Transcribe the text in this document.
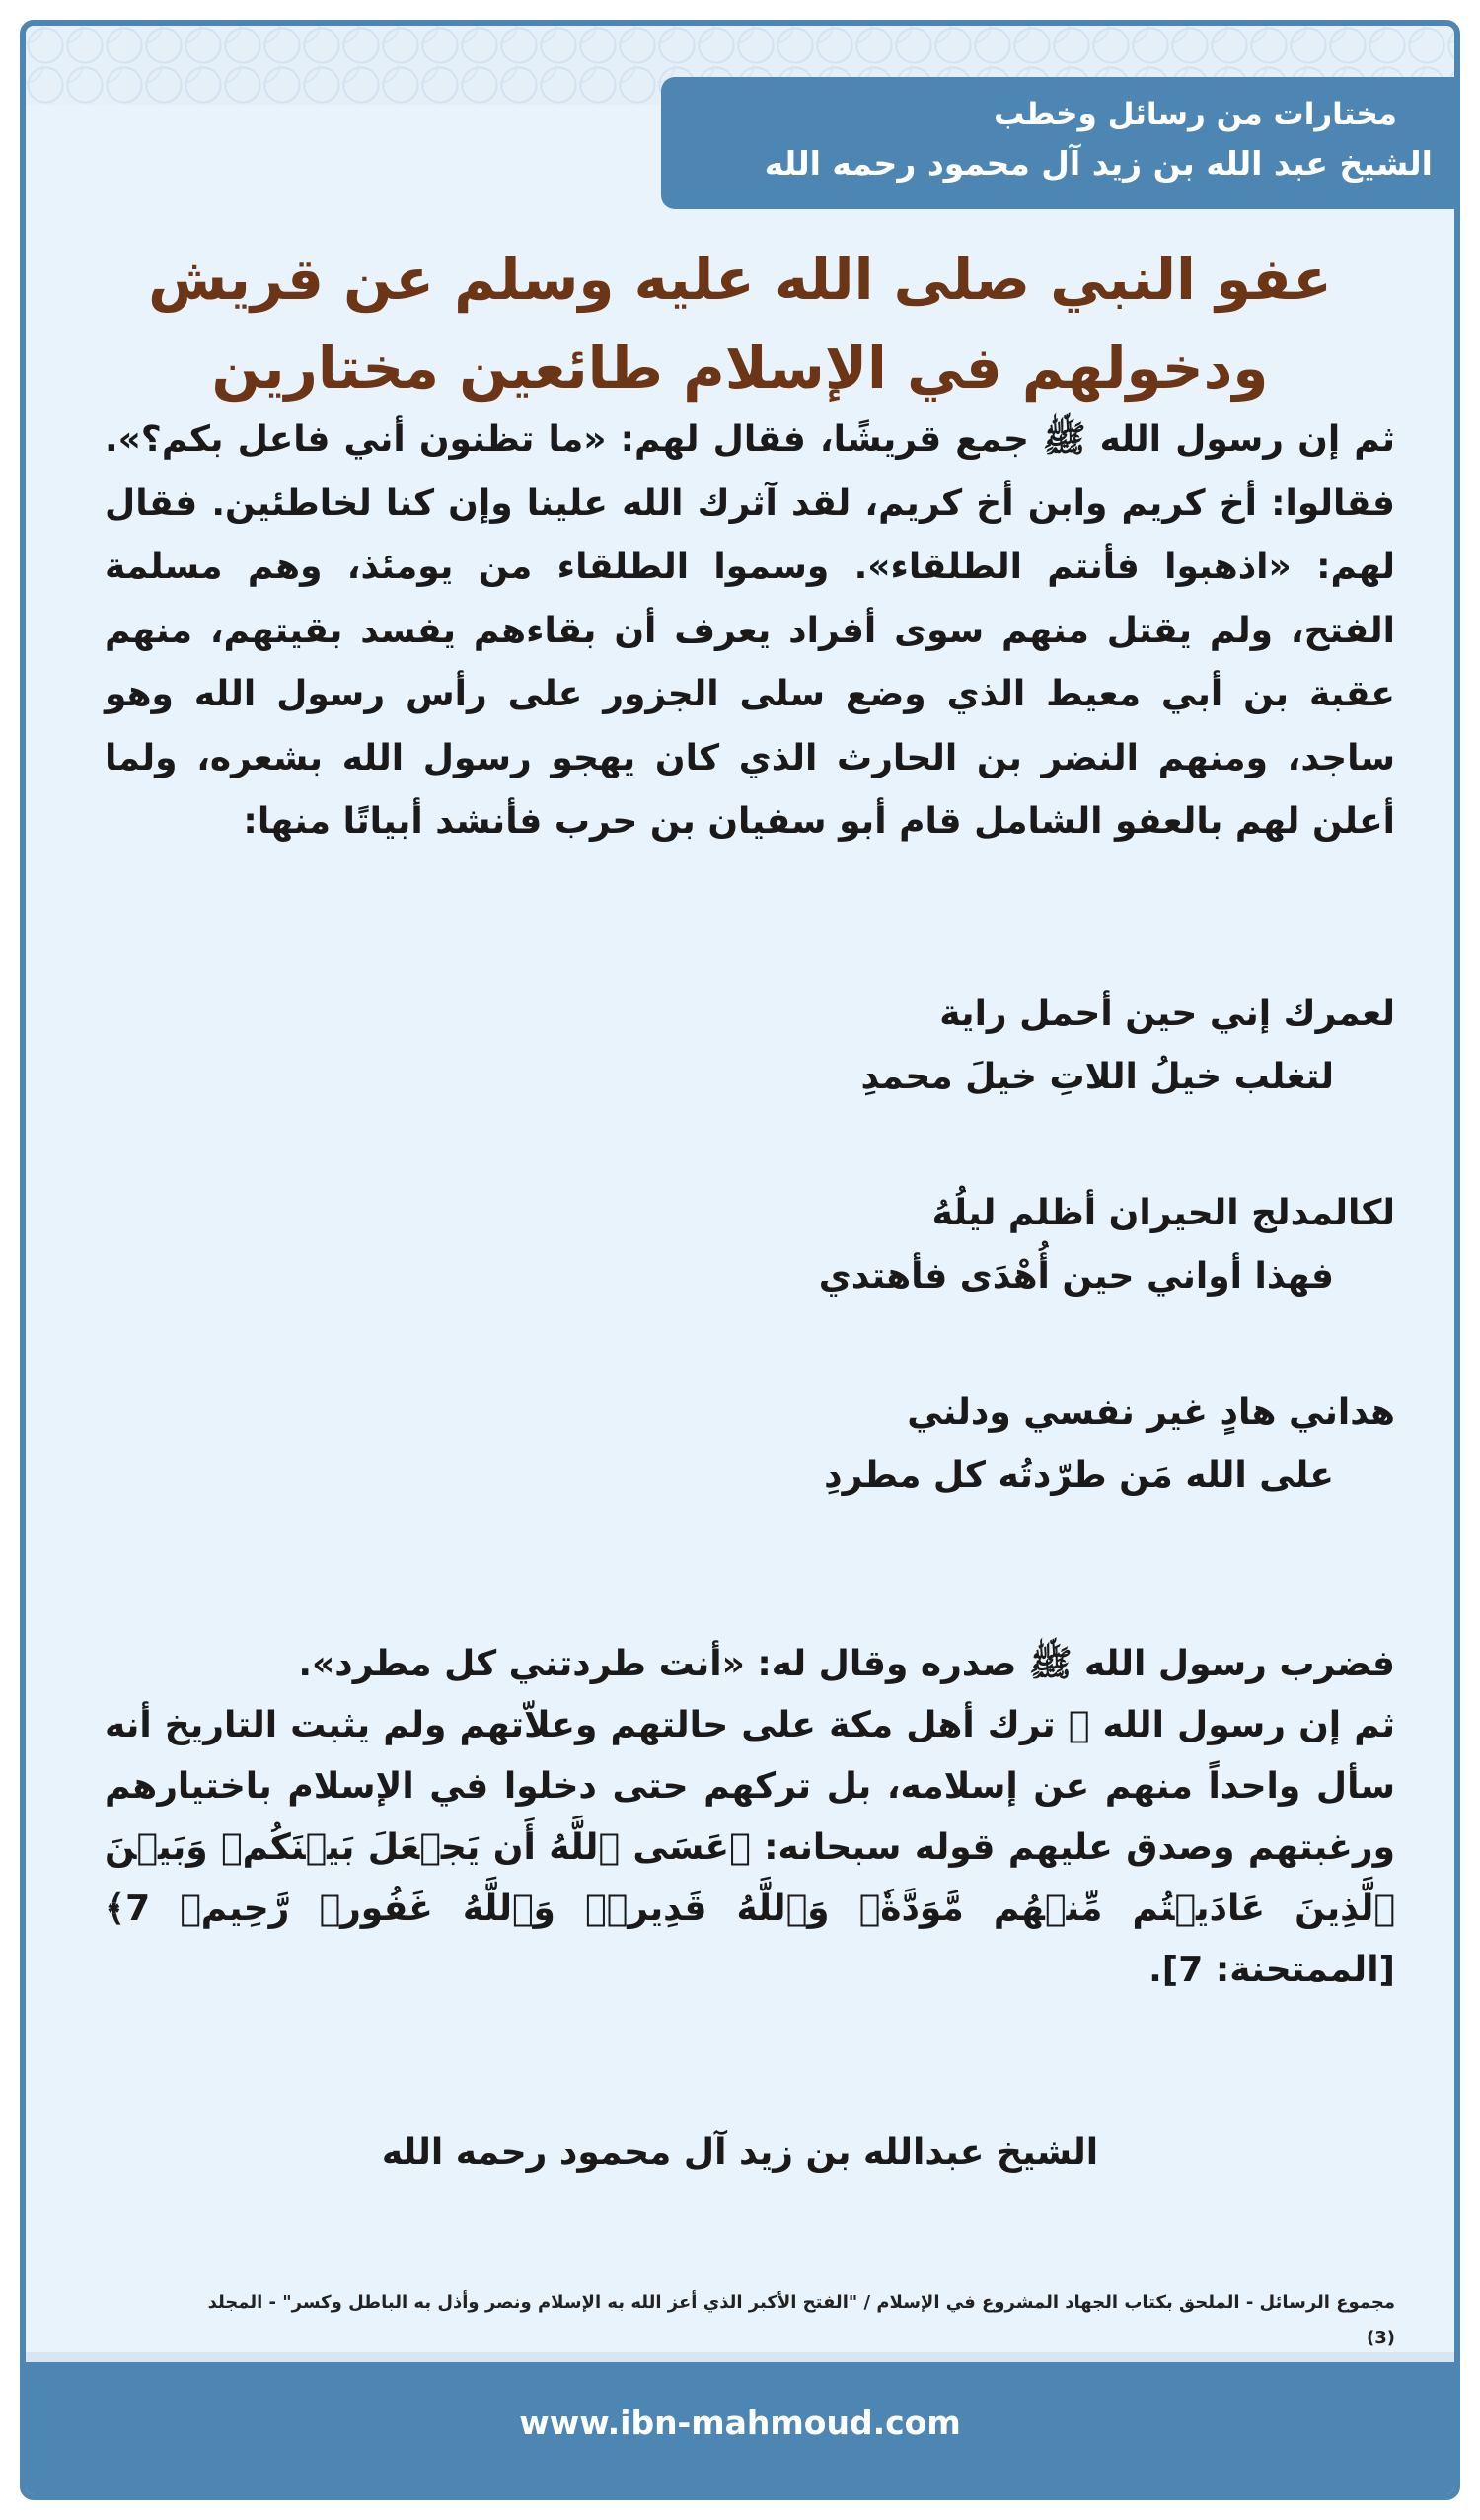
مختارات من رسائل وخطب
الشيخ عبد الله بن زيد آل محمود رحمه الله
عفو النبي صلى الله عليه وسلم عن قريش
ودخولهم في الإسلام طائعين مختارين

ثم إن رسول الله ﷺ جمع قريشًا، فقال لهم: «ما تظنون أني فاعل بكم؟». فقالوا: أخ كريم وابن أخ كريم، لقد آثرك الله علينا وإن كنا لخاطئين. فقال لهم: «اذهبوا فأنتم الطلقاء». وسموا الطلقاء من يومئذ، وهم مسلمة الفتح، ولم يقتل منهم سوى أفراد يعرف أن بقاءهم يفسد بقيتهم، منهم عقبة بن أبي معيط الذي وضع سلى الجزور على رأس رسول الله وهو ساجد، ومنهم النضر بن الحارث الذي كان يهجو رسول الله بشعره، ولما أعلن لهم بالعفو الشامل قام أبو سفيان بن حرب فأنشد أبياتًا منها:

لعمرك إني حين أحمل راية
لتغلب خيلُ اللاتِ خيلَ محمدِ
لكالمدلج الحيران أظلم ليلُهُ
فهذا أواني حين أُهْدَى فأهتدي
هداني هادٍ غير نفسي ودلني
على الله مَن طرّدتُه كل مطردِ

فضرب رسول الله ﷺ صدره وقال له: «أنت طردتني كل مطرد».

ثم إن رسول الله ﷺ ترك أهل مكة على حالتهم وعلاّتهم ولم يثبت التاريخ أنه سأل واحداً منهم عن إسلامه، بل تركهم حتى دخلوا في الإسلام باختيارهم ورغبتهم وصدق عليهم قوله سبحانه: ﴿عَسَى ٱللَّهُ أَن يَجۡعَلَ بَيۡنَكُمۡ وَبَيۡنَ ٱلَّذِينَ عَادَيۡتُم مِّنۡهُم مَّوَدَّةٗۚ وَٱللَّهُ قَدِيرٞۚ وَٱللَّهُ غَفُورٞ رَّحِيمٞ 7﴾ [الممتحنة: 7].

الشيخ عبدالله بن زيد آل محمود رحمه الله
مجموع الرسائل - الملحق بكتاب الجهاد المشروع في الإسلام / "الفتح الأكبر الذي أعز الله به الإسلام ونصر وأذل به الباطل وكسر" - المجلد (3)
www.ibn-mahmoud.com
